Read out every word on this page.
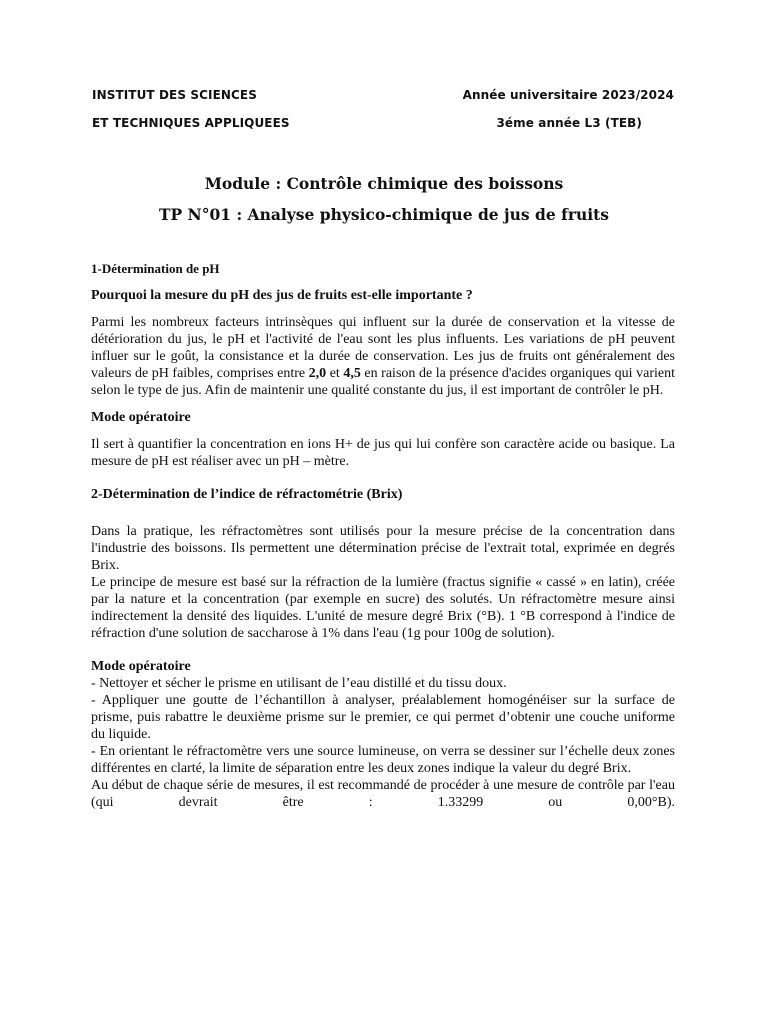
INSTITUT DES SCIENCES
ET TECHNIQUES APPLIQUEES
Année universitaire 2023/2024
3éme année L3 (TEB)
Module : Contrôle chimique des boissons
TP N°01 : Analyse physico-chimique de jus de fruits
1-Détermination de pH
Pourquoi la mesure du pH des jus de fruits est-elle importante ?

Parmi les nombreux facteurs intrinsèques qui influent sur la durée de conservation et la vitesse de détérioration du jus, le pH et l'activité de l'eau sont les plus influents. Les variations de pH peuvent influer sur le goût, la consistance et la durée de conservation. Les jus de fruits ont généralement des valeurs de pH faibles, comprises entre 2,0 et 4,5 en raison de la présence d'acides organiques qui varient selon le type de jus. Afin de maintenir une qualité constante du jus, il est important de contrôler le pH.

Mode opératoire

Il sert à quantifier la concentration en ions H+ de jus qui lui confère son caractère acide ou basique. La mesure de pH est réaliser avec un pH – mètre.

2-Détermination de l’indice de réfractométrie (Brix)

Dans la pratique, les réfractomètres sont utilisés pour la mesure précise de la concentration dans l'industrie des boissons. Ils permettent une détermination précise de l'extrait total, exprimée en degrés Brix.

Le principe de mesure est basé sur la réfraction de la lumière (fractus signifie « cassé » en latin), créée par la nature et la concentration (par exemple en sucre) des solutés. Un réfractomètre mesure ainsi indirectement la densité des liquides. L'unité de mesure degré Brix (°B). 1 °B correspond à l'indice de réfraction d'une solution de saccharose à 1% dans l'eau (1g pour 100g de solution).

Mode opératoire

- Nettoyer et sécher le prisme en utilisant de l’eau distillé et du tissu doux.

- Appliquer une goutte de l’échantillon à analyser, préalablement homogénéiser sur la surface de prisme, puis rabattre le deuxième prisme sur le premier, ce qui permet d’obtenir une couche uniforme du liquide.

- En orientant le réfractomètre vers une source lumineuse, on verra se dessiner sur l’échelle deux zones différentes en clarté, la limite de séparation entre les deux zones indique la valeur du degré Brix.

Au début de chaque série de mesures, il est recommandé de procéder à une mesure de contrôle par l'eau (qui devrait être : 1.33299 ou 0,00°B).
